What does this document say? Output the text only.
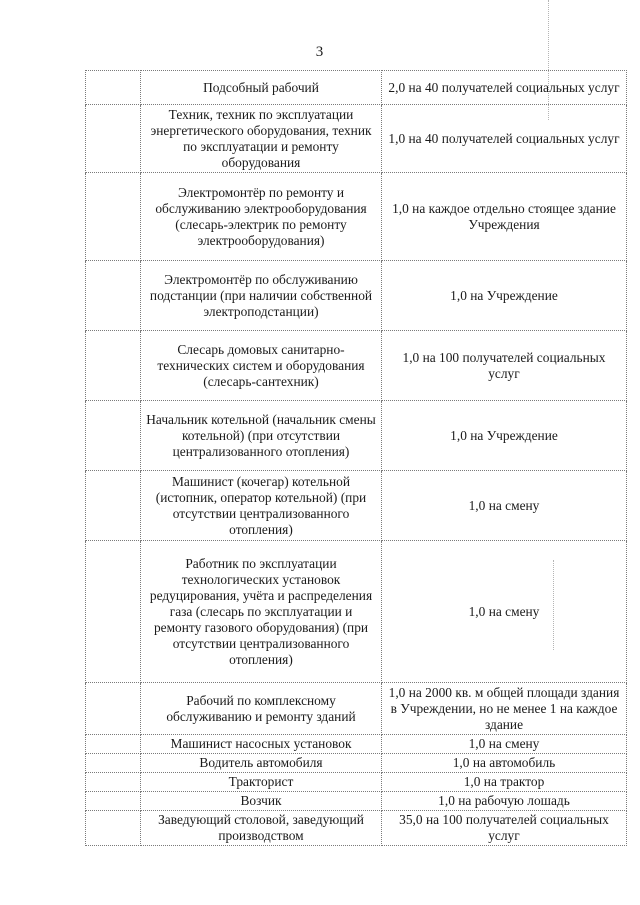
3
	Подсобный рабочий	2,0 на 40 получателей социальных услуг
	Техник, техник по эксплуатации энергетического оборудования, техник по эксплуатации и ремонту оборудования	1,0 на 40 получателей социальных услуг
	Электромонтёр по ремонту и обслуживанию электрооборудования (слесарь-электрик по ремонту электрооборудования)	1,0 на каждое отдельно стоящее здание Учреждения
	Электромонтёр по обслуживанию подстанции (при наличии собственной электроподстанции)	1,0 на Учреждение
	Слесарь домовых санитарно-технических систем и оборудования (слесарь-сантехник)	1,0 на 100 получателей социальных услуг
	Начальник котельной (начальник смены котельной) (при отсутствии централизованного отопления)	1,0 на Учреждение
	Машинист (кочегар) котельной (истопник, оператор котельной) (при отсутствии централизованного отопления)	1,0 на смену
	Работник по эксплуатации технологических установок редуцирования, учёта и распределения газа (слесарь по эксплуатации и ремонту газового оборудования) (при отсутствии централизованного отопления)	1,0 на смену
	Рабочий по комплексному обслуживанию и ремонту зданий	1,0 на 2000 кв. м общей площади здания в Учреждении, но не менее 1 на каждое здание
	Машинист насосных установок	1,0 на смену
	Водитель автомобиля	1,0 на автомобиль
	Тракторист	1,0 на трактор
	Возчик	1,0 на рабочую лошадь
	Заведующий столовой, заведующий производством	35,0 на 100 получателей социальных услуг
